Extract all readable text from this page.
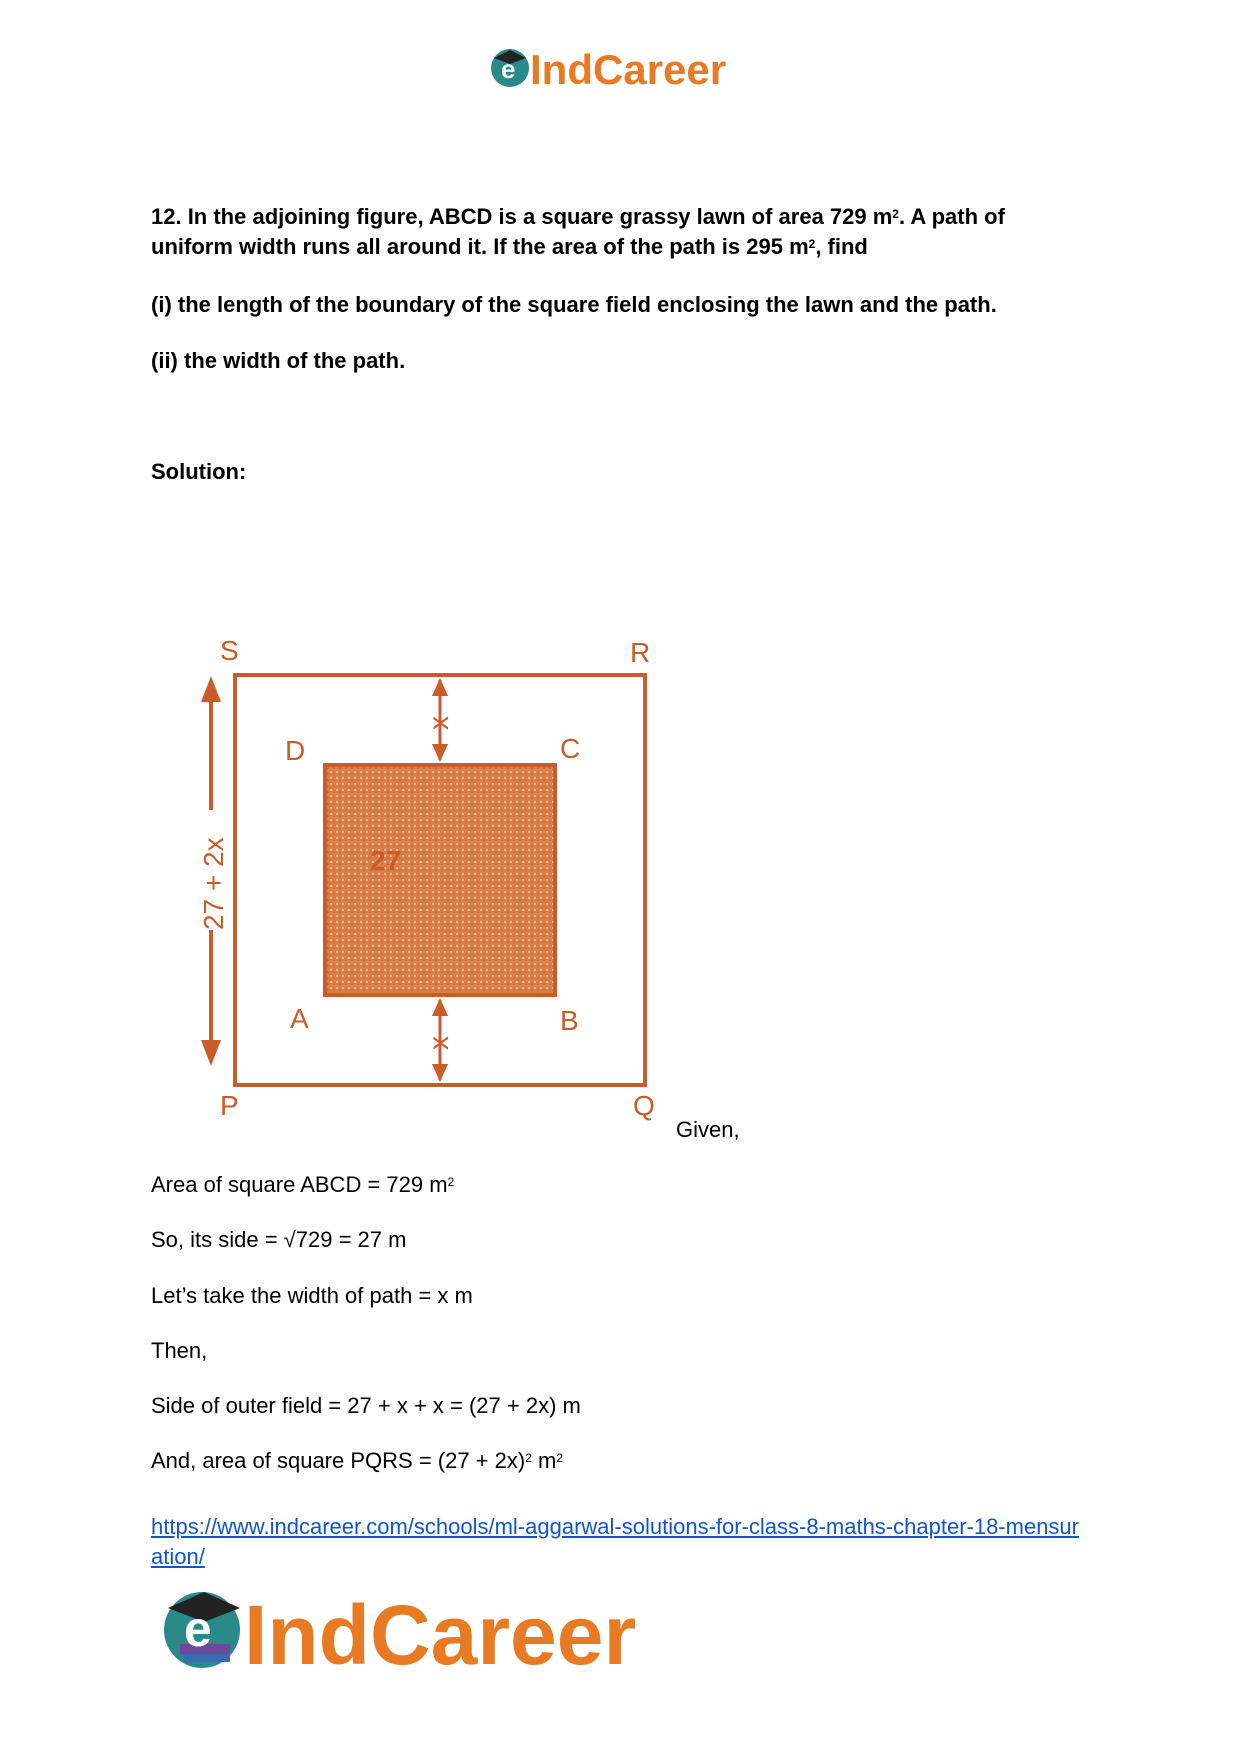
e IndCareer
12. In the adjoining figure, ABCD is a square grassy lawn of area 729 $m^2$. A path of
uniform width runs all around it. If the area of the path is 295 $m^2$, find
(i) the length of the boundary of the square field enclosing the lawn and the path.
(ii) the width of the path.
Solution:
27 + 2x
x
x
27
S	R
P	Q
D	C
A	B
Given,
Area of square ABCD = 729 $m^2$
So, its side = √729 = 27 m
Let’s take the width of path = x m
Then,
Side of outer field = 27 + x + x = (27 + 2x) m
And, area of square PQRS = $(27 + 2x)^2$ $m^2$
https://www.indcareer.com/schools/ml-aggarwal-solutions-for-class-8-maths-chapter-18-mensuration/
e IndCareer
